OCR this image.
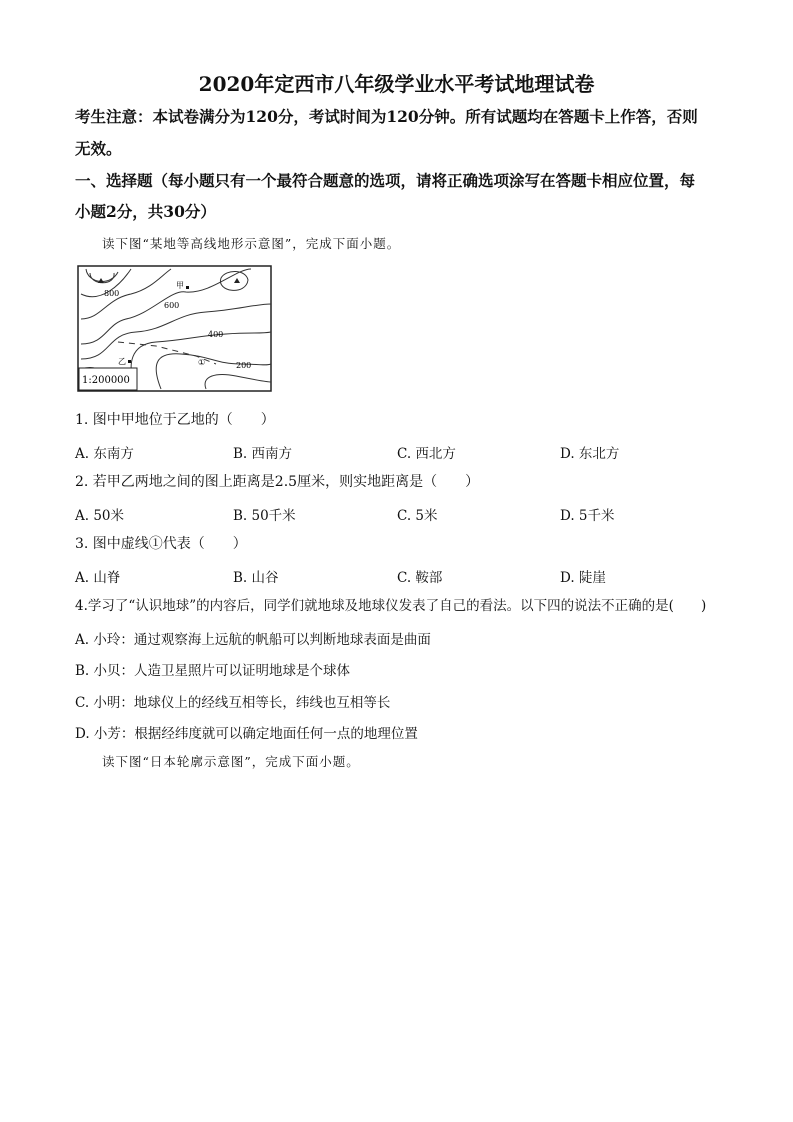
2020年定西市八年级学业水平考试地理试卷
考生注意：本试卷满分为120分，考试时间为120分钟。所有试题均在答题卡上作答，否则
无效。
一、选择题（每小题只有一个最符合题意的选项，请将正确选项涂写在答题卡相应位置，每
小题2分，共30分）
读下图“某地等高线地形示意图”，完成下面小题。
800
600
400
200
甲
1:200000
乙	①
1. 图中甲地位于乙地的（　　）
A. 东南方	B. 西南方	C. 西北方	D. 东北方
2. 若甲乙两地之间的图上距离是2.5厘米，则实地距离是（　　）
A. 50米	B. 50千米	C. 5米	D. 5千米
3. 图中虚线①代表（　　）
A. 山脊	B. 山谷	C. 鞍部	D. 陡崖
4.学习了“认识地球”的内容后，同学们就地球及地球仪发表了自己的看法。以下四的说法不正确的是(　　)
A. 小玲：通过观察海上远航的帆船可以判断地球表面是曲面
B. 小贝：人造卫星照片可以证明地球是个球体
C. 小明：地球仪上的经线互相等长，纬线也互相等长
D. 小芳：根据经纬度就可以确定地面任何一点的地理位置
读下图“日本轮廓示意图”，完成下面小题。
